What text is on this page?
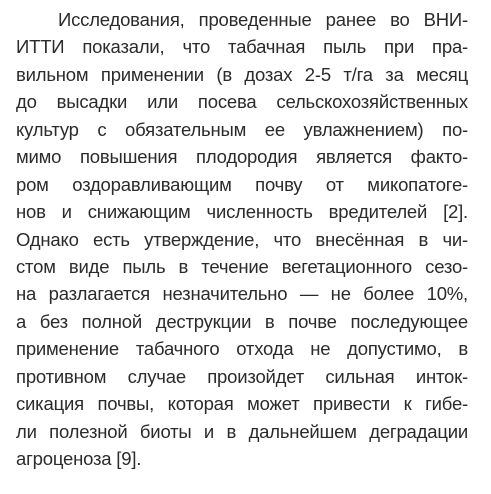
Исследования, проведенные ранее во ВНИ-
ИТТИ показали, что табачная пыль при пра-
вильном применении (в дозах 2-5 т/га за месяц
до высадки или посева сельскохозяйственных
культур с обязательным ее увлажнением) по-
мимо повышения плодородия является факто-
ром оздоравливающим почву от микопатоге-
нов и снижающим численность вредителей [2].
Однако есть утверждение, что внесённая в чи-
стом виде пыль в течение вегетационного сезо-
на разлагается незначительно — не более 10%,
а без полной деструкции в почве последующее
применение табачного отхода не допустимо, в
противном случае произойдет сильная инток-
сикация почвы, которая может привести к гибе-
ли полезной биоты и в дальнейшем деградации
агроценоза [9].
